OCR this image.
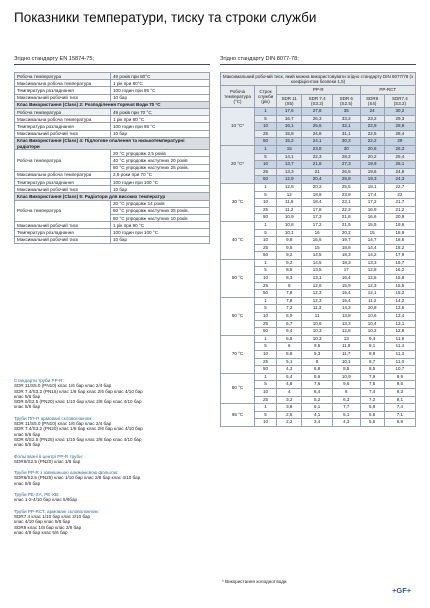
Показники температури, тиску та строки служби
Згідно стандарту EN 15874-75;	Згідно стандарту DIN 8077-78;
Робоча температура	49 років при 80°С
Максимальна робоча температура	1 рік при 80°С
Температура розладнання	100 годин при 95 °С
Максимальний робочий тиск	10 бар
Клас Використання (Class) 2: Розподілення Горячої Води 70 °С	
Робоча температура	49 років при 70 °С
Максимальна робоча температура	1 рік при 80 °С
Температура розладнання	100 годин при 95 °С
Максимальний робочий тиск	10 бар
Клас Використання (Class) 4: Підлогове опалення та низькотемпературні радіатори	
Робоча температура	20 °С упродовж 2,5 років
	40 °С упродовж наступних 20 років
	60 °С упродовж наступних 25 років,
Максимальна робоча температура	2,5 роки при 70 °С
Температура розладнання	100 годин при 100 °С
Максимальний робочий тиск	10 бар
Клас Використання (Class) 5: Радіатори для високих температур	
Робоча температура	20 °С упродовж 14 років
	60 °С упродовж наступних 25 років,
	80 °С упродовж наступних 10 років
Максимальний робочий тиск	1 рік при 90 °С
Температура розладнання	100 годин при 100 °С
Максимальний робочий тиск	10 бар
Стандарти труби PP-R:
SDR 11/S5.0 (PN10) клас 1/6 бар клас 2/4 бар
SDR 7.4/S3.2 (PN16) клас 1/8 бар клас 2/6 бар клас 4/10 бар
клас 5/6 бар
SDR 6/S2.5 (PN20) клас 1/10 бар клас 2/8 бар клас 4/10 бар
клас 5/6 бар
Труби ПП-Р, армовані скловолокном:
SDR 11/S5.0 (PN10) клас 1/6 бар клас 2/4 бар
SDR 7.4/S3.2 (PN20) клас 1/8 бар клас 2/6 бар клас 4/10 бар
клас 5/6 бар
SDR 6/S2.5 (PN25) клас 1/10 бар клас 2/8 бар клас 4/10 бар
клас 5/6 бар
Фольговані в центрі PP-R труби:
SDR6/S2.5 (PN20) клас 1/6 бар
Труби PP-R з зовнішньою алюмінієвою фольгою:
SDR6/S2.5 (PN25) клас 1/10 бар клас 2/8 бар клас 4/10 бар
клас 5/6 бар
Труби PE-XA, PE-XB:
клас 1-2-4/10 бар клас 5/6бар
Труби PP-RCT, армовані скловолокном:
SDR7.4 клас 1/10 бар клас 2/10 бар
клас 4/10 бар клас 5/8 бар
SDR9 клас 1/8 бар клас 2/8 бар
клас 4/8 бар клас 5/6 бар
Максимальний робочий тиск, який можна використовувати згідно стандарту DIN 8077/78 (з коефіцієнтом безпеки 1,5)						
Робоча температура (°С)	Строк служби (рік)	PP-R			PP-RCT	
		SDR 11 (S5)	SDR 7.4 (S3.2)	SDR 6 (S2.5)	SDR9 (S4)	SDR7.4 (S3.2)
10 °С*	1	17,6	27,8	35	24	30,2
	5	16,7	26,3	33,2	23,2	29,3
	10	16,1	25,6	32,1	22,9	28,9
	25	15,8	24,8	31,1	22,5	28,4
	50	15,2	24,1	30,3	22,2	28
20 °С*	1	15	23,8	30	20,8	26,3
	5	14,1	22,3	28,2	20,2	25,4
	10	13,7	21,8	27,3	19,9	25,1
	25	13,3	21	26,5	19,6	24,6
	50	12,9	20,4	25,8	19,3	24,3
30 °С	1	12,8	20,2	25,5	18,1	22,7
	5	12	18,9	23,9	17,4	22
	10	11,6	18,4	23,1	17,2	21,7
	25	11,2	17,8	22,3	16,9	21,2
	50	10,9	17,3	21,8	16,6	20,9
40 °С	1	10,8	17,2	21,5	15,5	19,6
	5	10,1	16	20,2	15	18,9
	10	9,8	15,6	19,7	14,7	18,6
	25	9,5	15	18,8	14,4	18,2
	50	9,2	14,5	18,3	14,2	17,9
50 °С	1	9,2	14,5	18,3	13,3	16,7
	5	8,5	13,5	17	12,8	16,2
	10	8,3	13,1	16,4	12,6	15,8
	25	8	12,6	15,9	12,3	15,5
	50	7,8	12,3	15,4	12,1	15,2
60 °С	1	7,8	12,3	15,4	11,2	14,2
	5	7,2	11,3	14,3	10,8	13,6
	10	6,9	11	13,8	10,6	13,4
	25	6,7	10,6	13,3	10,4	13,1
	50	6,4	10,3	12,8	10,2	12,8
70 °С	1	6,5	10,3	13	9,4	11,9
	5	6	9,5	11,9	9,1	11,4
	10	5,8	9,3	11,7	8,9	11,3
	25	5,1	8	10,1	8,7	11,0
	50	4,3	6,8	8,5	8,5	10,7
80 °С	1	5,4	8,6	10,9	7,9	9,9
	5	4,8	7,6	9,6	7,5	9,5
	10	4	6,4	8	7,4	9,3
	25	3,2	5,2	6,3	7,2	9,1
95 °С	1	3,8	6,1	7,7	5,9	7,4
	5	2,5	4,1	5,1	5,6	7,1
	10	2,2	3,4	4,3	5,5	6,9
* Використання холодної води
+GF+
